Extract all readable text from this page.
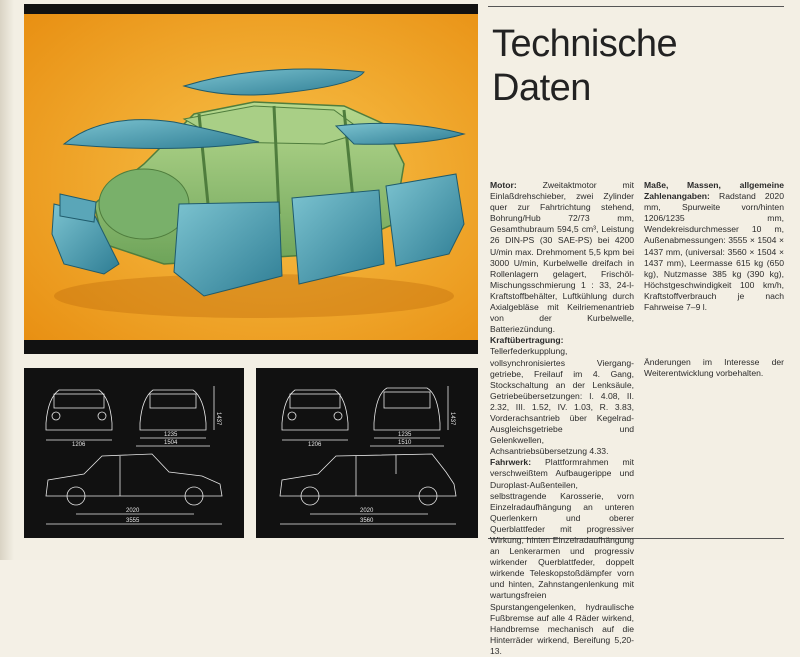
Technische
Daten

Motor:	Zweitaktmotor mit Einlaßdrehschieber, zwei Zylinder quer zur Fahrtrichtung stehend, Bohrung/Hub 72/73 mm, Gesamthubraum 594,5 cm³, Leistung 26 DIN-PS (30 SAE-PS) bei 4200 U/min max. Drehmoment 5,5 kpm bei 3000 U/min, Kurbelwelle dreifach in Rollenlagern gelagert, Frischöl-Mischungsschmierung 1 : 33, 24-l-Kraftstoffbehälter, Luftkühlung durch Axialgebläse mit Keilriemenantrieb von der Kurbelwelle, Batteriezündung.

Kraftübertragung: Tellerfederkupplung, vollsynchronisiertes Vierganggetriebe, Freilauf im 4. Gang, Stockschaltung an der Lenksäule, Getriebeübersetzungen: I. 4.08, II. 2.32, III. 1.52, IV. 1.03, R. 3.83, Vorderachsantrieb über Kegelrad-Ausgleichsgetriebe und Gelenkwellen, Achsantriebsübersetzung 4.33.

Fahrwerk: Plattformrahmen mit verschweißtem Aufbaugerippe und Duroplast-Außenteilen, selbsttragende Karosserie, vorn Einzelradaufhängung an unteren Querlenkern und oberer Querblattfeder mit progressiver Wirkung, hinten Einzelradaufhängung an Lenkerarmen und progressiv wirkender Querblattfeder, doppelt wirkende Teleskopstoßdämpfer vorn und hinten, Zahnstangenlenkung mit wartungsfreien Spurstangengelenken, hydraulische Fußbremse auf alle 4 Räder wirkend, Handbremse mechanisch auf die Hinterräder wirkend, Bereifung 5,20-13.

Maße, Massen, allgemeine Zahlenangaben: Radstand 2020 mm, Spurweite vorn/hinten 1206/1235 mm, Wendekreisdurchmesser 10 m, Außenabmessungen: 3555 × 1504 × 1437 mm, (universal: 3560 × 1504 × 1437 mm), Leermasse 615 kg (650 kg), Nutzmasse 385 kg (390 kg), Höchstgeschwindigkeit 100 km/h, Kraftstoffverbrauch je nach Fahrweise 7–9 l.

Änderungen im Interesse der Weiterentwicklung vorbehalten.

1206
1437
1235
1504
2020
3555
1206
1437
1235
1510
2020
3560
